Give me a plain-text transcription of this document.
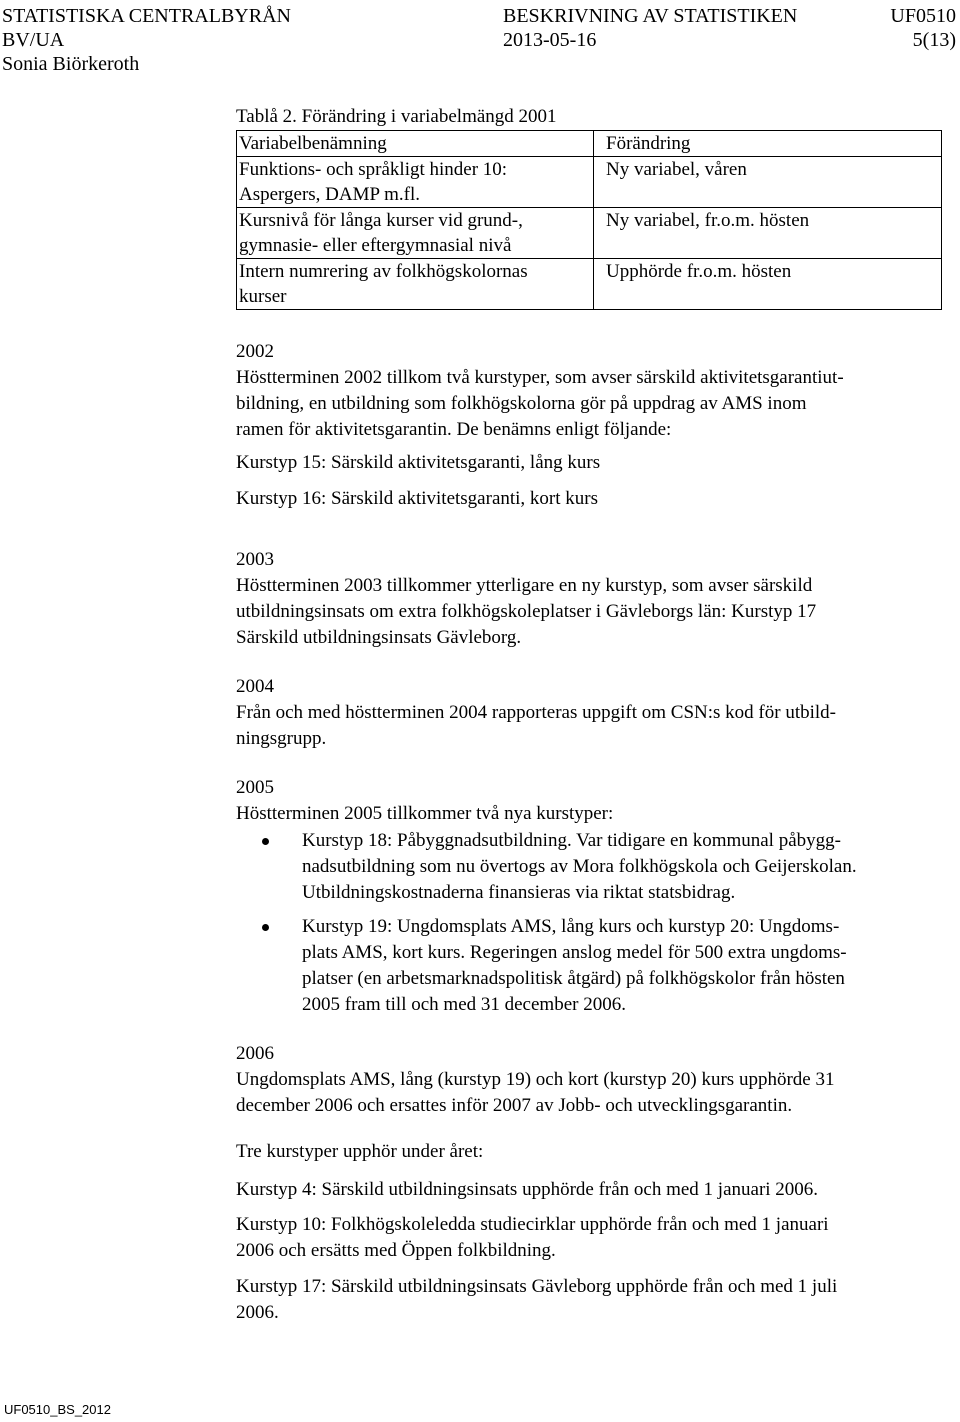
STATISTISKA CENTRALBYRÅN
BV/UA
Sonia Biörkeroth
BESKRIVNING AV STATISTIKEN
2013-05-16
UF0510
5(13)
Tablå 2. Förändring i variabelmängd 2001
Variabelbenämning	Förändring

Funktions- och språkligt hinder 10:
Aspergers, DAMP m.fl.	Ny variabel, våren

Kursnivå för långa kurser vid grund-,
gymnasie- eller eftergymnasial nivå	Ny variabel, fr.o.m. hösten

Intern numrering av folkhögskolornas
kurser	Upphörde fr.o.m. hösten

2002

Höstterminen 2002 tillkom två kurstyper, som avser särskild aktivitetsgarantiut-

bildning, en utbildning som folkhögskolorna gör på uppdrag av AMS inom

ramen för aktivitetsgarantin. De benämns enligt följande:

Kurstyp 15: Särskild aktivitetsgaranti, lång kurs
Kurstyp 16: Särskild aktivitetsgaranti, kort kurs

2003

Höstterminen 2003 tillkommer ytterligare en ny kurstyp, som avser särskild

utbildningsinsats om extra folkhögskoleplatser i Gävleborgs län: Kurstyp 17

Särskild utbildningsinsats Gävleborg.

2004

Från och med höstterminen 2004 rapporteras uppgift om CSN:s kod för utbild-

ningsgrupp.

2005

Höstterminen 2005 tillkommer två nya kurstyper:

Kurstyp 18: Påbyggnadsutbildning. Var tidigare en kommunal påbygg-
nadsutbildning som nu övertogs av Mora folkhögskola och Geijerskolan.
Utbildningskostnaderna finansieras via riktat statsbidrag.
Kurstyp 19: Ungdomsplats AMS, lång kurs och kurstyp 20: Ungdoms-
plats AMS, kort kurs. Regeringen anslog medel för 500 extra ungdoms-
platser (en arbetsmarknadspolitisk åtgärd) på folkhögskolor från hösten
2005 fram till och med 31 december 2006.

2006

Ungdomsplats AMS, lång (kurstyp 19) och kort (kurstyp 20) kurs upphörde 31

december 2006 och ersattes inför 2007 av Jobb- och utvecklingsgarantin.

Tre kurstyper upphör under året:
Kurstyp 4: Särskild utbildningsinsats upphörde från och med 1 januari 2006.

Kurstyp 10: Folkhögskoleledda studiecirklar upphörde från och med 1 januari

2006 och ersätts med Öppen folkbildning.

Kurstyp 17: Särskild utbildningsinsats Gävleborg upphörde från och med 1 juli

2006.

UF0510_BS_2012
